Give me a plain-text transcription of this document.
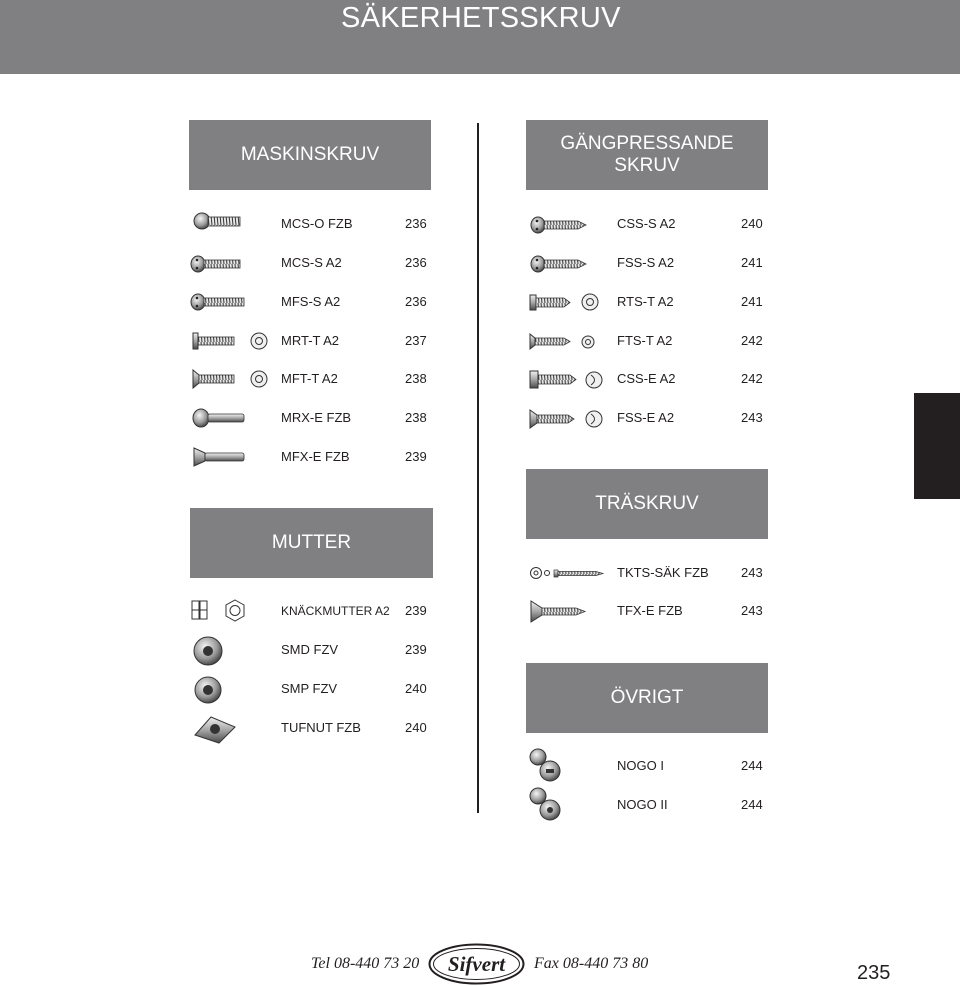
SÄKERHETSSKRUV
MASKINSKRUV
MCS-O FZB	236
MCS-S A2	236
MFS-S A2	236
MRT-T A2	237
MFT-T A2	238
MRX-E FZB	238
MFX-E FZB	239
MUTTER
KNÄCKMUTTER A2 239
SMD FZV	239
SMP FZV	240
TUFNUT FZB	240
GÄNGPRESSANDE
SKRUV
CSS-S A2	240
FSS-S A2	241
RTS-T A2	241
FTS-T A2	242
CSS-E A2	242
FSS-E A2	243
TRÄSKRUV
TKTS-SÄK FZB 243
TFX-E FZB	243
ÖVRIGT
NOGO I	244
NOGO II	244
Tel 08-440 73 20 Sifvert Fax 08-440 73 80	235
